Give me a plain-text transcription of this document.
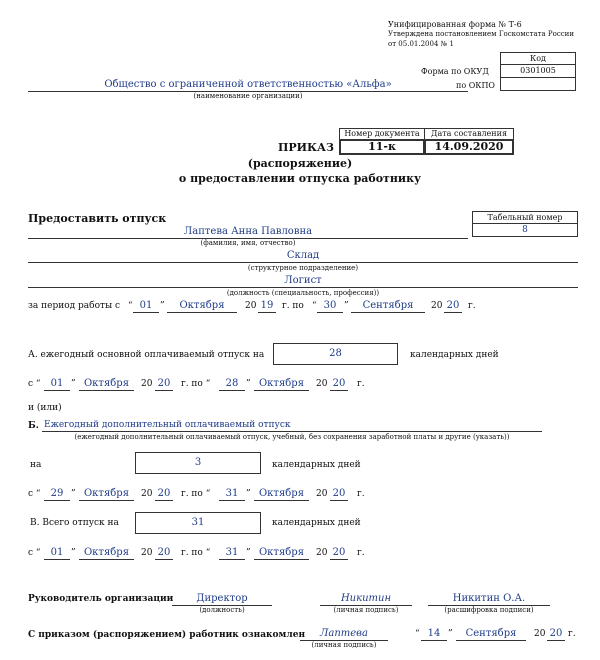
Унифицированная форма № Т-6
Утверждена постановлением Госкомстата России
от 05.01.2004 № 1
Код
Форма по ОКУД	0301005
по ОКПО
Общество с ограниченной ответственностью «Альфа»
(наименование организации)
Номер документа	Дата составления
11-к	14.09.2020
ПРИКАЗ
(распоряжение)
о предоставлении отпуска работнику
Предоставить отпуск	Табельный номер
8
Лаптева Анна Павловна
(фамилия, имя, отчество)
Склад
(структурное подразделение)
Логист
(должность (специальность, профессия))
за период работы с “ 01 ”	Октября	20 19 г. по “ 30 ”	Сентября	20 20 г.
А. ежегодный основной оплачиваемый отпуск на	28	календарных дней
с “	01 ” Октября	20 20 г. по “	28 ” Октября	20 20 г.
и (или)
Б. Ежегодный дополнительный оплачиваемый отпуск
(ежегодный дополнительный оплачиваемый отпуск, учебный, без сохранения заработной платы и другие (указать))
на	3	календарных дней
с “	29 ” Октября	20 20 г. по “	31 ” Октября	20 20 г.
В. Всего отпуск на	31	календарных дней
с “	01 ” Октября	20 20 г. по “	31 ” Октября	20 20 г.
Руководитель организации	Директор
(должность)
Никитин
(личная подпись)
Никитин О.А.
(расшифровка подписи)
С приказом (распоряжением) работник ознакомлен	Лаптева
(личная подпись)
“ 14 ”	Сентября	20 20 г.
